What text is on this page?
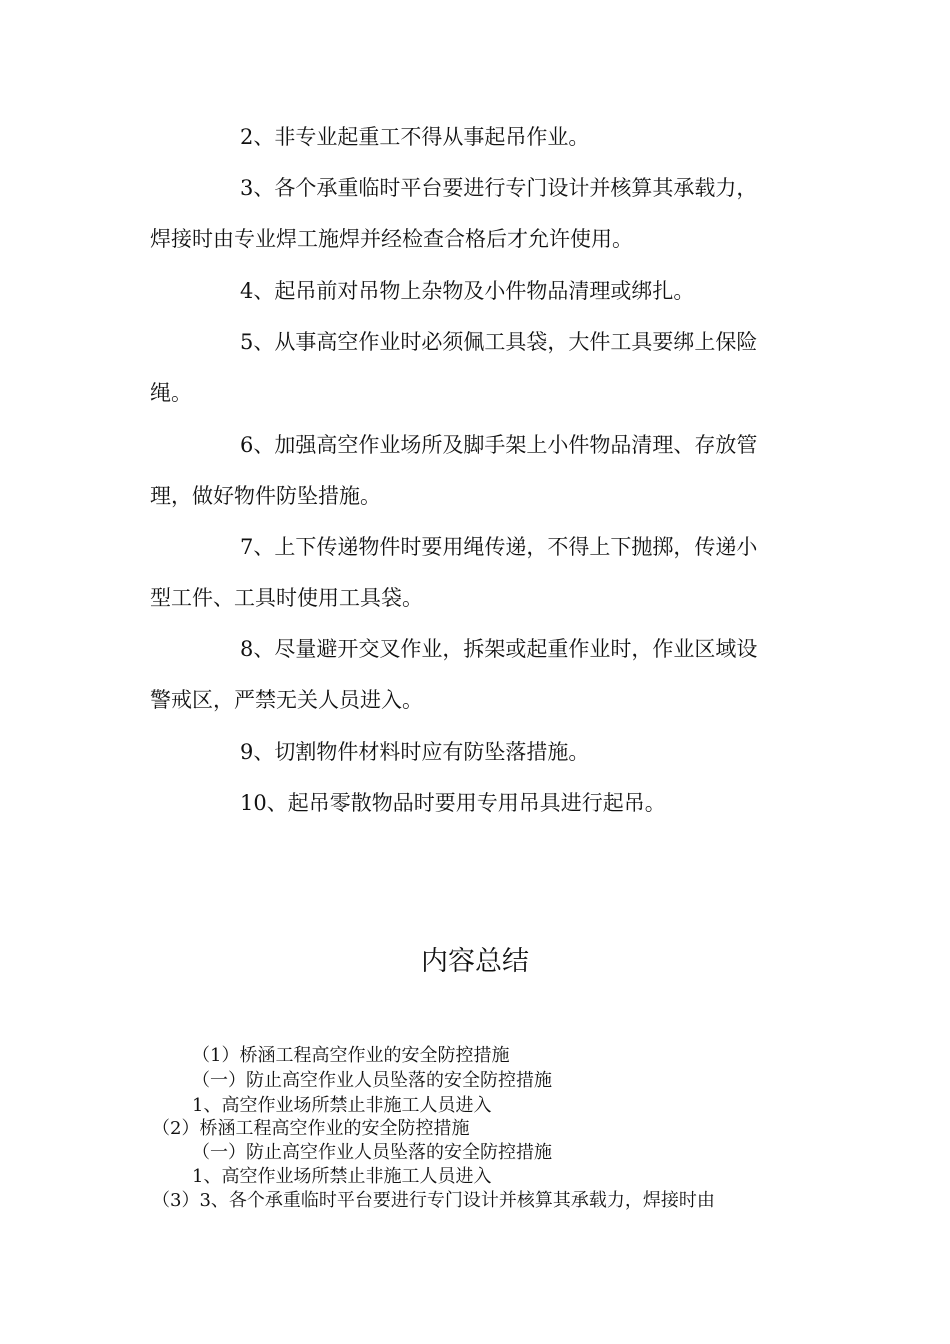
2、非专业起重工不得从事起吊作业。

3、各个承重临时平台要进行专门设计并核算其承载力，
焊接时由专业焊工施焊并经检查合格后才允许使用。

4、起吊前对吊物上杂物及小件物品清理或绑扎。

5、从事高空作业时必须佩工具袋，大件工具要绑上保险
绳。

6、加强高空作业场所及脚手架上小件物品清理、存放管
理，做好物件防坠措施。

7、上下传递物件时要用绳传递，不得上下抛掷，传递小
型工件、工具时使用工具袋。

8、尽量避开交叉作业，拆架或起重作业时，作业区域设
警戒区，严禁无关人员进入。

9、切割物件材料时应有防坠落措施。

10、起吊零散物品时要用专用吊具进行起吊。

内容总结

（1）桥涵工程高空作业的安全防控措施

（一）防止高空作业人员坠落的安全防控措施

1、高空作业场所禁止非施工人员进入

（2）桥涵工程高空作业的安全防控措施

（一）防止高空作业人员坠落的安全防控措施

1、高空作业场所禁止非施工人员进入

（3）3、各个承重临时平台要进行专门设计并核算其承载力，焊接时由
